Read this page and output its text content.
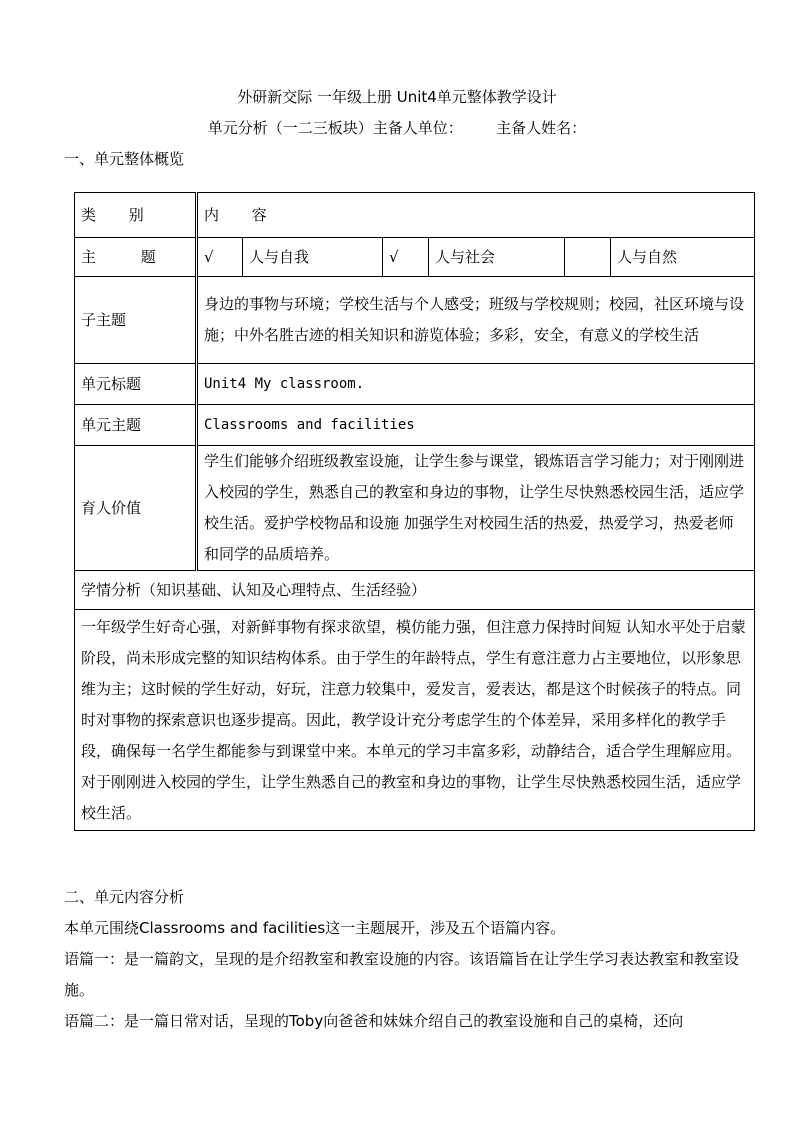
外研新交际 一年级上册 Unit4单元整体教学设计
单元分析（一二三板块）主备人单位：       主备人姓名：
一、单元整体概览
类 别	内 容					
主 题	√	人与自我	√	人与社会		人与自然
子主题	身边的事物与环境；学校生活与个人感受；班级与学校规则；校园，社区环境与设施；中外名胜古迹的相关知识和游览体验；多彩，安全，有意义的学校生活					
单元标题	Unit4 My classroom.					
单元主题	Classrooms and facilities					
育人价值	学生们能够介绍班级教室设施，让学生参与课堂，锻炼语言学习能力；对于刚刚进入校园的学生，熟悉自己的教室和身边的事物，让学生尽快熟悉校园生活，适应学校生活。爱护学校物品和设施 加强学生对校园生活的热爱，热爱学习，热爱老师和同学的品质培养。					
学情分析（知识基础、认知及心理特点、生活经验）						
一年级学生好奇心强，对新鲜事物有探求欲望，模仿能力强，但注意力保持时间短 认知水平处于启蒙阶段，尚未形成完整的知识结构体系。由于学生的年龄特点，学生有意注意力占主要地位，以形象思维为主；这时候的学生好动，好玩，注意力较集中，爱发言，爱表达，都是这个时候孩子的特点。同时对事物的探索意识也逐步提高。因此，教学设计充分考虑学生的个体差异，采用多样化的教学手段，确保每一名学生都能参与到课堂中来。本单元的学习丰富多彩，动静结合，适合学生理解应用。对于刚刚进入校园的学生，让学生熟悉自己的教室和身边的事物，让学生尽快熟悉校园生活，适应学校生活。						
二、单元内容分析
本单元围绕Classrooms and facilities这一主题展开，涉及五个语篇内容。
语篇一：是一篇韵文，呈现的是介绍教室和教室设施的内容。该语篇旨在让学生学习表达教室和教室设施。
语篇二：是一篇日常对话，呈现的Toby向爸爸和妹妹介绍自己的教室设施和自己的桌椅，还向
